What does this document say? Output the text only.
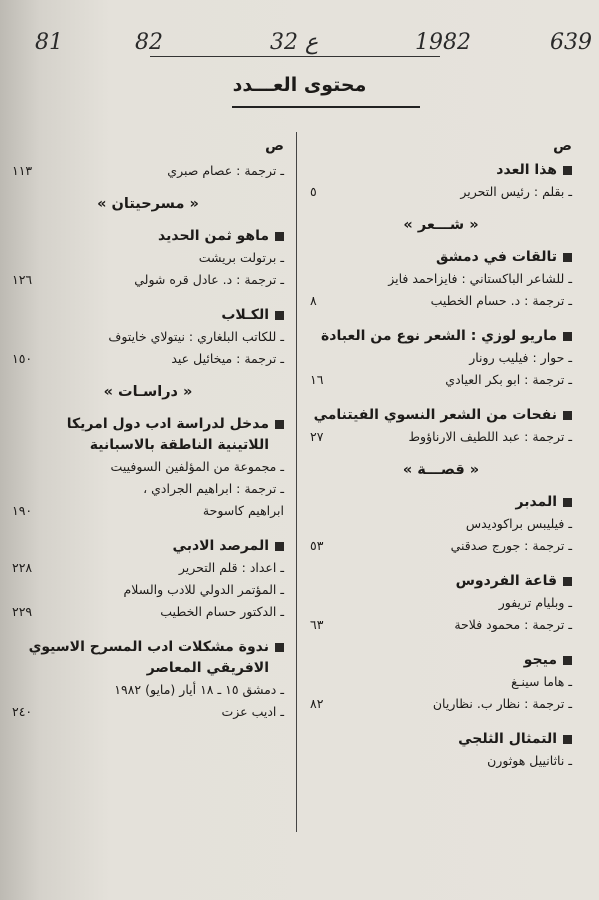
639
1982
32 ع
82
81
محتوى العـــدد
ص
هذا العدد
ـ بقلم : رئيس التحرير
٥
« شـــعر »
تالقات في دمشق
ـ للشاعر الباكستاني : فايزاحمد فايز
ـ ترجمة : د. حسام الخطيب
٨
ماريو لوزي : الشعر نوع من العبادة
ـ حوار : فيليب رونار
ـ ترجمة : ابو بكر العيادي
١٦
نفحات من الشعر النسوي الفيتنامي
ـ ترجمة : عبد اللطيف الارناؤوط
٢٧
« قصـــة »
المدبر
ـ فيليبس براكوديدس
ـ ترجمة : جورج صدقني
٥٣
قاعة الفردوس
ـ وبليام تريفور
ـ ترجمة : محمود فلاحة
٦٣
ميجو
ـ هاما سينـغ
ـ ترجمة : نظار ب. نظاريان
٨٢
التمثال الثلجي
ـ ناثانييل هوثورن
ص
ـ ترجمة : عصام صبري
١١٣
« مسرحيتان »
ماهو ثمن الحديد
ـ برتولت بريشت
ـ ترجمة : د. عادل قره شولي
١٢٦
الكـلاب
ـ للكاتب البلغاري : نيتولاي خايتوف
ـ ترجمة : ميخائيل عيد
١٥٠
« دراسـات »
مدخل لدراسة ادب دول امريكا اللاتينية الناطقة بالاسبانية
ـ مجموعة من المؤلفين السوفييت
ـ ترجمة : ابراهيم الجرادي ،
ابراهيم كاسوحة
١٩٠
المرصد الادبي
ـ اعداد : قلم التحرير
٢٢٨
ـ المؤتمر الدولي للادب والسلام
ـ الدكتور حسام الخطيب
٢٢٩
ندوة مشكلات ادب المسرح الاسيوي الافريقي المعاصر
ـ دمشق ١٥ ـ ١٨ أيار (مايو) ١٩٨٢
ـ اديب عزت
٢٤٠
